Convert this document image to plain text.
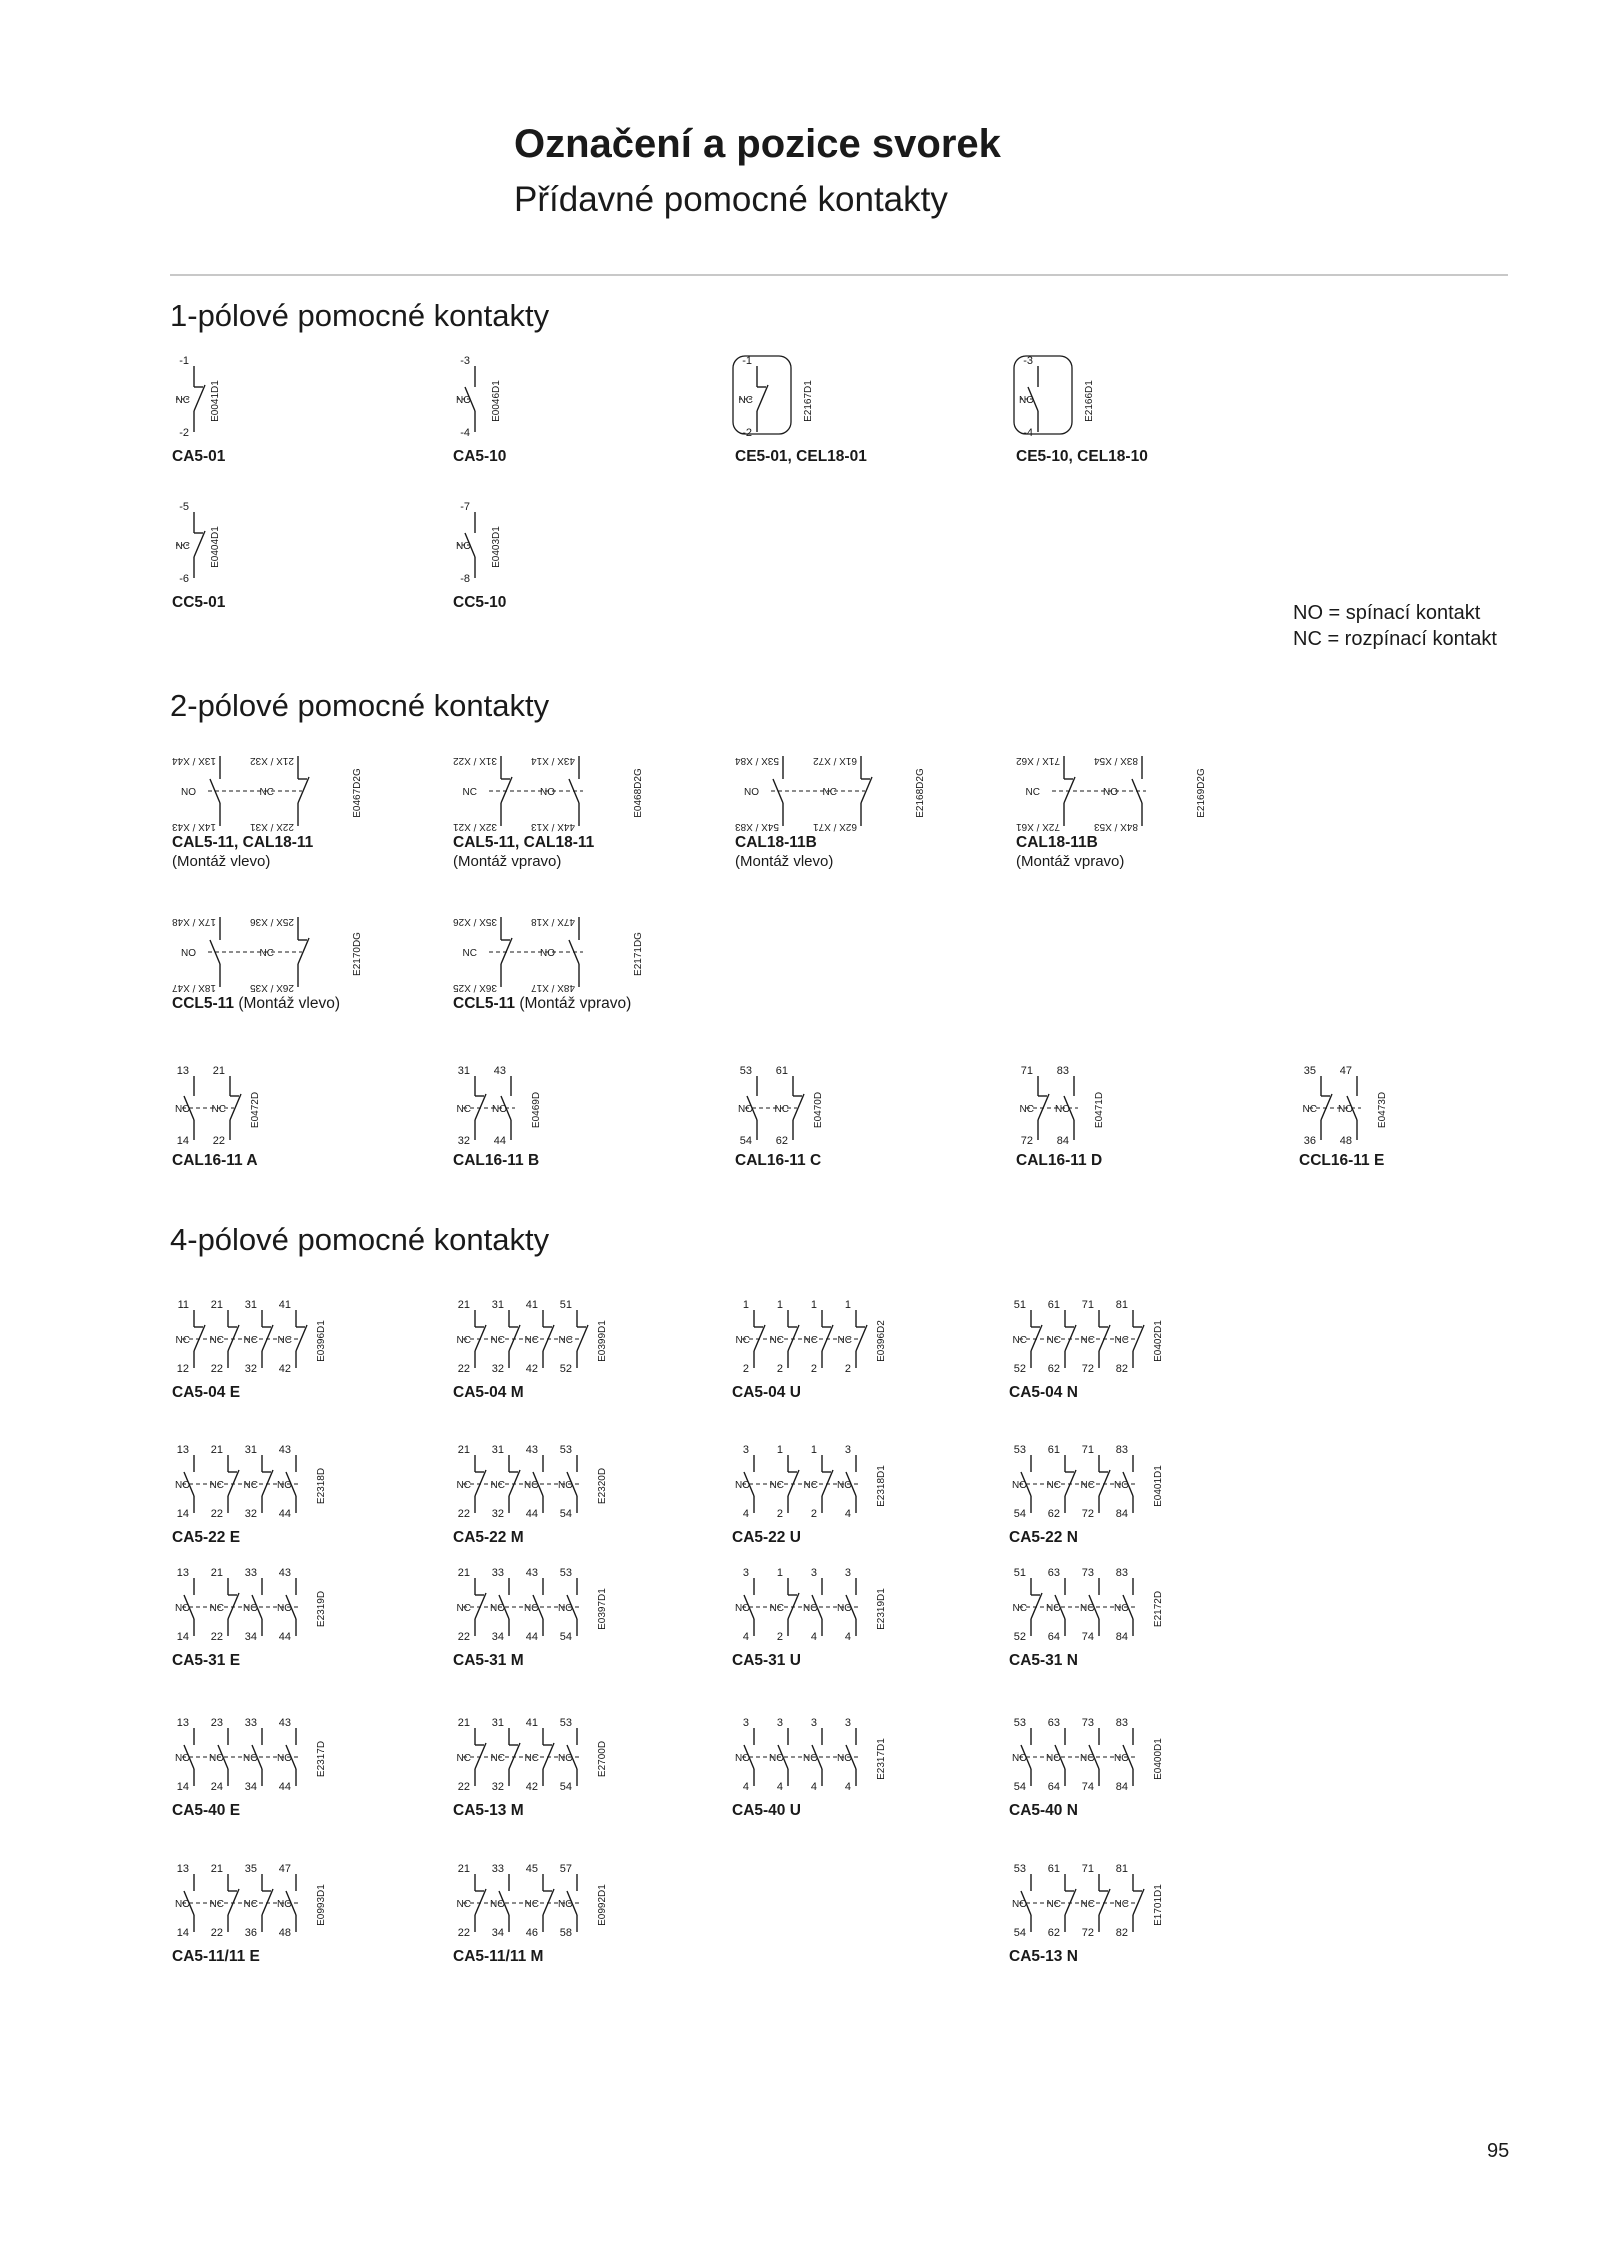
Označení a pozice svorek
Přídavné pomocné kontakty
1-pólové pomocné kontakty
2-pólové pomocné kontakty
4-pólové pomocné kontakty
NO = spínací kontakt
NC = rozpínací kontakt
-1
-2
NC E0041D1
CA5-01
-3
-4
NO E0046D1
CA5-10
-1
-2
NC	E2167D1
CE5-01, CEL18-01
-3
-4
NO	E2166D1
CE5-10, CEL18-10
-5
-6
NC E0404D1
CC5-01
-7
-8
NO E0403D1
CC5-10
13X / X44
14X / X43
NO
21X / X32
22X / X31
NC	E0467D2G
CAL5-11, CAL18-11
(Montáž vlevo)
31X / X22
32X / X21
NC
43X / X14
44X / X13
NO	E0468D2G
CAL5-11, CAL18-11
(Montáž vpravo)
53X / X84
54X / X83
NO
61X / X72
62X / X71
NC	E2168D2G
CAL18-11B
(Montáž vlevo)
71X / X62
72X / X61
NC
83X / X54
84X / X53
NO	E2169D2G
CAL18-11B
(Montáž vpravo)
17X / X48
18X / X47
NO
25X / X36
26X / X35
NC	E2170DG
CCL5-11 (Montáž vlevo)
35X / X26
36X / X25
NC
47X / X18
48X / X17
NO	E2171DG
CCL5-11 (Montáž vpravo)
13
14
NO
21
22
NC E0472D
CAL16-11 A
31
32
NC
43
44
NO E0469D
CAL16-11 B
53
54
NO
61
62
NC E0470D
CAL16-11 C
71
72
NC
83
84
NO E0471D
CAL16-11 D
35
36
NC
47
48
NO E0473D
CCL16-11 E
11
12
NC
21
22
NC
31
32
NC
41
42
NC E0396D1
CA5-04 E
21
22
NC
31
32
NC
41
42
NC
51
52
NC E0399D1
CA5-04 M
1
2
NC
1
2
NC
1
2
NC
1
2
NC E0396D2
CA5-04 U
51
52
NC
61
62
NC
71
72
NC
81
82
NC E0402D1
CA5-04 N
13
14
NO
21
22
NC
31
32
NC
43
44
NO E2318D
CA5-22 E
21
22
NC
31
32
NC
43
44
NO
53
54
NO E2320D
CA5-22 M
3
4
NO
1
2
NC
1
2
NC
3
4
NO E2318D1
CA5-22 U
53
54
NO
61
62
NC
71
72
NC
83
84
NO E0401D1
CA5-22 N
13
14
NO
21
22
NC
33
34
NO
43
44
NO E2319D
CA5-31 E
21
22
NC
33
34
NO
43
44
NO
53
54
NO E0397D1
CA5-31 M
3
4
NO
1
2
NC
3
4
NO
3
4
NO E2319D1
CA5-31 U
51
52
NC
63
64
NO
73
74
NO
83
84
NO E2172D
CA5-31 N
13
14
NO
23
24
NO
33
34
NO
43
44
NO E2317D
CA5-40 E
21
22
NC
31
32
NC
41
42
NC
53
54
NO E2700D
CA5-13 M
3
4
NO
3
4
NO
3
4
NO
3
4
NO E2317D1
CA5-40 U
53
54
NO
63
64
NO
73
74
NO
83
84
NO E0400D1
CA5-40 N
13
14
NO
21
22
NC
35
36
NC
47
48
NO E0993D1
CA5-11/11 E
21
22
NC
33
34
NO
45
46
NC
57
58
NO E0992D1
CA5-11/11 M
53
54
NO
61
62
NC
71
72
NC
81
82
NC E1701D1
CA5-13 N
95
